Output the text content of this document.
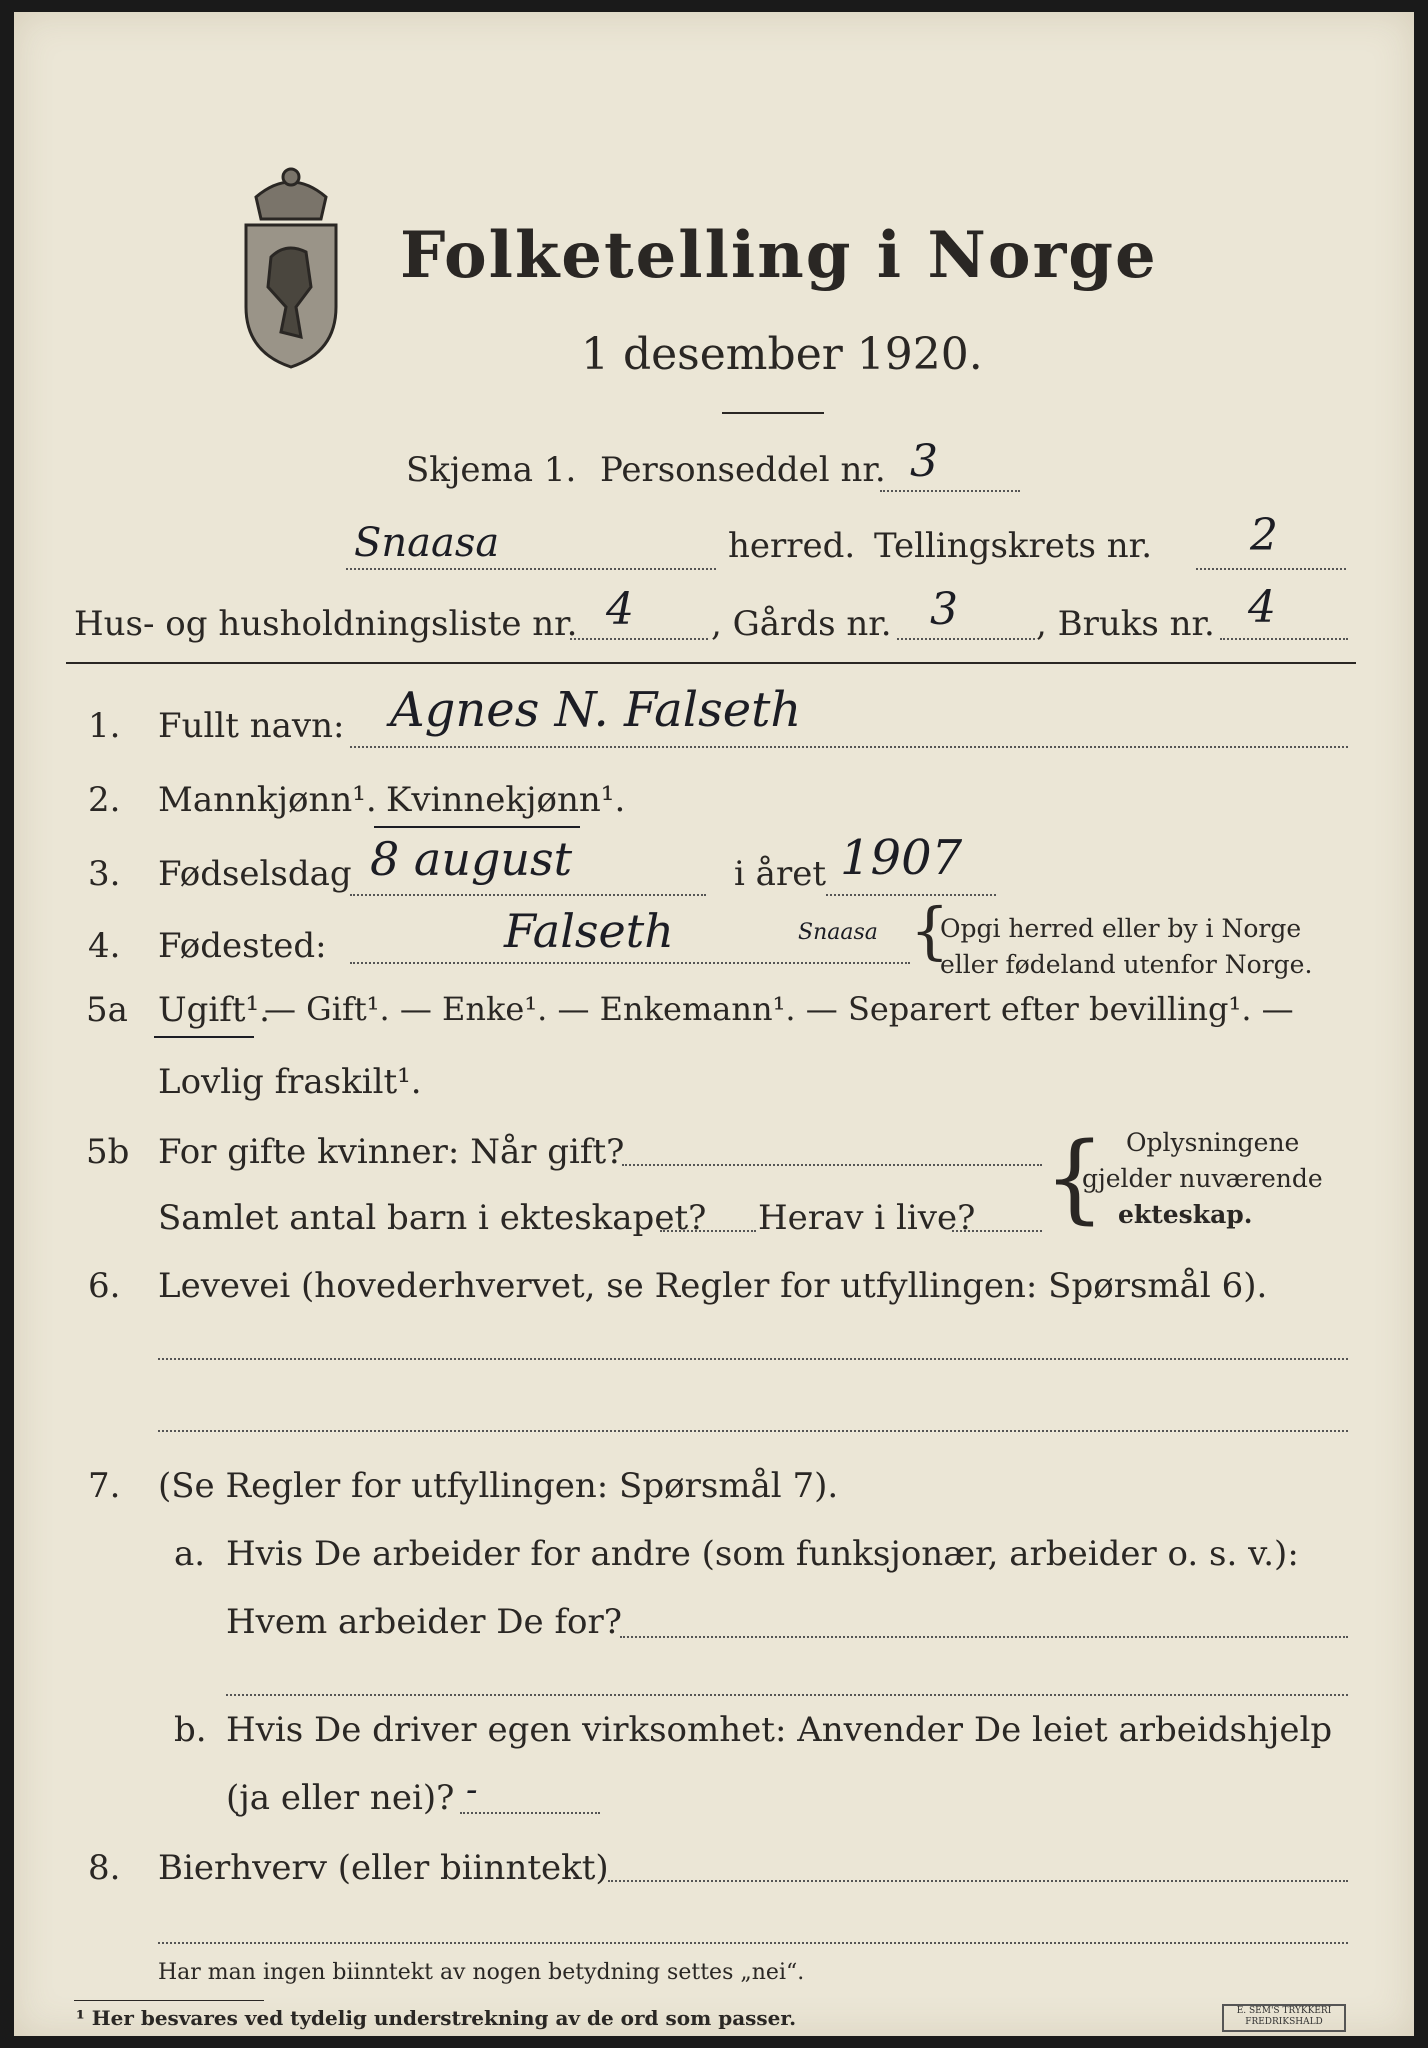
Folketelling i Norge
1 desember 1920.
Skjema 1. Personseddel nr. 3
Snaasa	herred. Tellingskrets nr. 2
Hus- og husholdningsliste nr. 4 , Gårds nr. 3 , Bruks nr. 4
1. Fullt navn: Agnes N. Falseth
2. Mannkjønn¹. Kvinnekjønn¹.
3. Fødselsdag 8 august	i året 1907
4. Fødested:	Falseth	Snaasa {
Opgi herred eller by i Norge
eller fødeland utenfor Norge.
5a Ugift¹.
— Gift¹. — Enke¹. — Enkemann¹. — Separert efter bevilling¹. —
Lovlig fraskilt¹.
5b For gifte kvinner: Når gift?
Samlet antal barn i ekteskapet? Herav i live? { Oplysningene
gjelder nuværende
ekteskap.
6. Levevei (hovederhvervet, se Regler for utfyllingen: Spørsmål 6).
7. (Se Regler for utfyllingen: Spørsmål 7).
a. Hvis De arbeider for andre (som funksjonær, arbeider o. s. v.):
Hvem arbeider De for?
b. Hvis De driver egen virksomhet: Anvender De leiet arbeidshjelp
(ja eller nei)? -
8. Bierhverv (eller biinntekt)
Har man ingen biinntekt av nogen betydning settes „nei“.
¹ Her besvares ved tydelig understrekning av de ord som passer.	E. SEM'S TRYKKERI
FREDRIKSHALD
